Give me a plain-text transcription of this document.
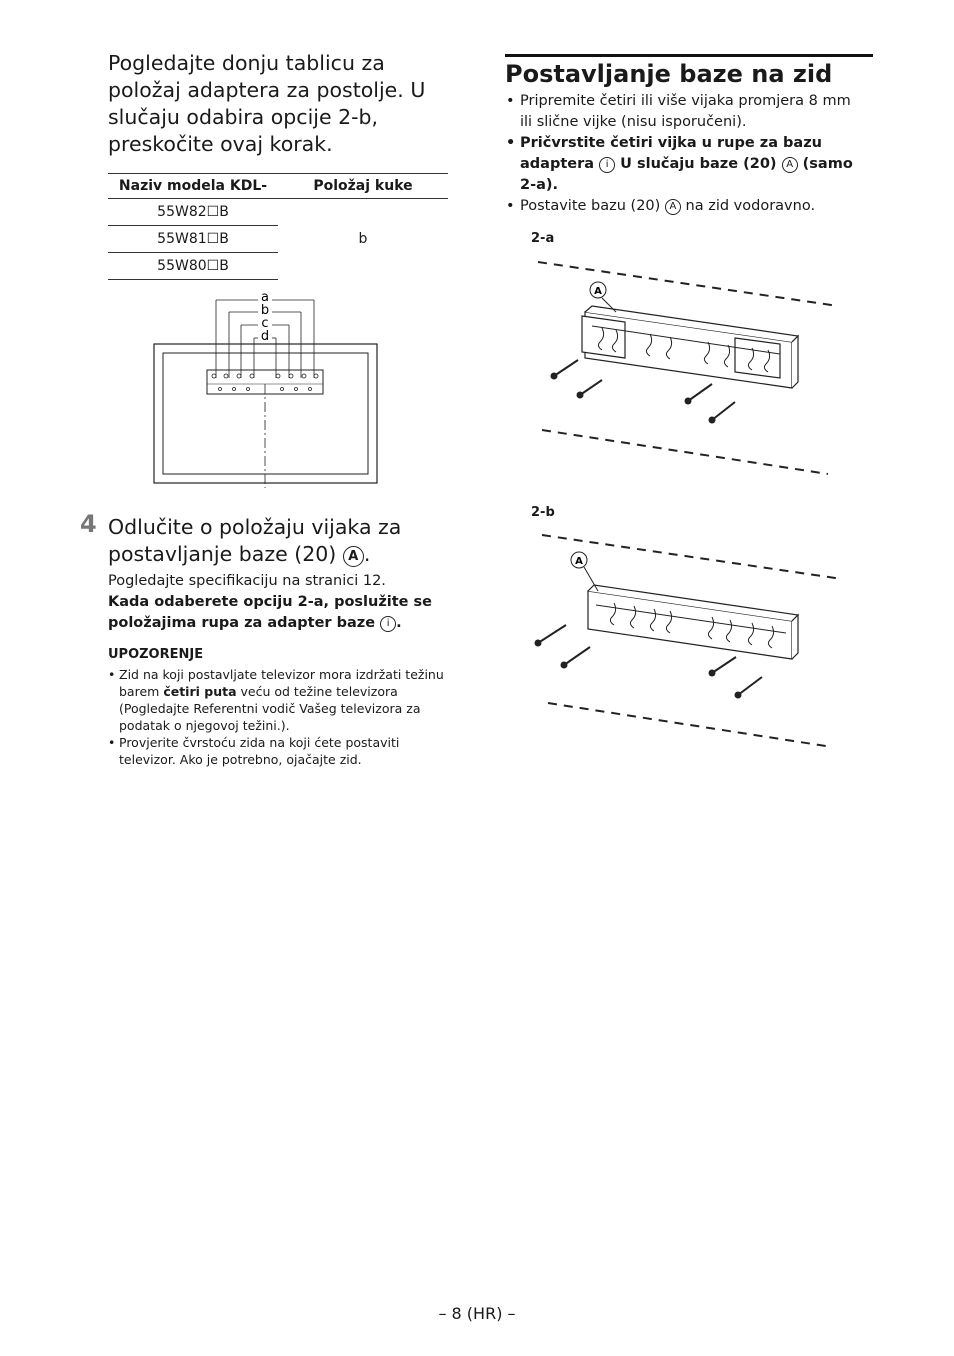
Pogledajte donju tablicu za položaj adaptera za postolje. U slučaju odabira opcije 2-b, preskočite ovaj korak.
Naziv modela KDL-	Položaj kuke
55W82☐B	b
55W81☐B	
55W80☐B	
a
b
c
d
4 Odlučite o položaju vijaka za postavljanje baze (20) A .
Pogledajte specifikaciju na stranici 12.
Kada odaberete opciju 2-a, poslužite se položajima rupa za adapter baze i .
UPOZORENJE
• Zid na koji postavljate televizor mora izdržati težinu barem četiri puta veću od težine televizora (Pogledajte Referentni vodič Vašeg televizora za podatak o njegovoj težini.).
• Provjerite čvrstoću zida na koji ćete postaviti televizor. Ako je potrebno, ojačajte zid.
Postavljanje baze na zid
• Pripremite četiri ili više vijaka promjera 8 mm ili slične vijke (nisu isporučeni).
• Pričvrstite četiri vijka u rupe za bazu adaptera i U slučaju baze (20) A (samo 2-a).
• Postavite bazu (20) A na zid vodoravno.
2-a
A
2-b
A
– 8 (HR) –
